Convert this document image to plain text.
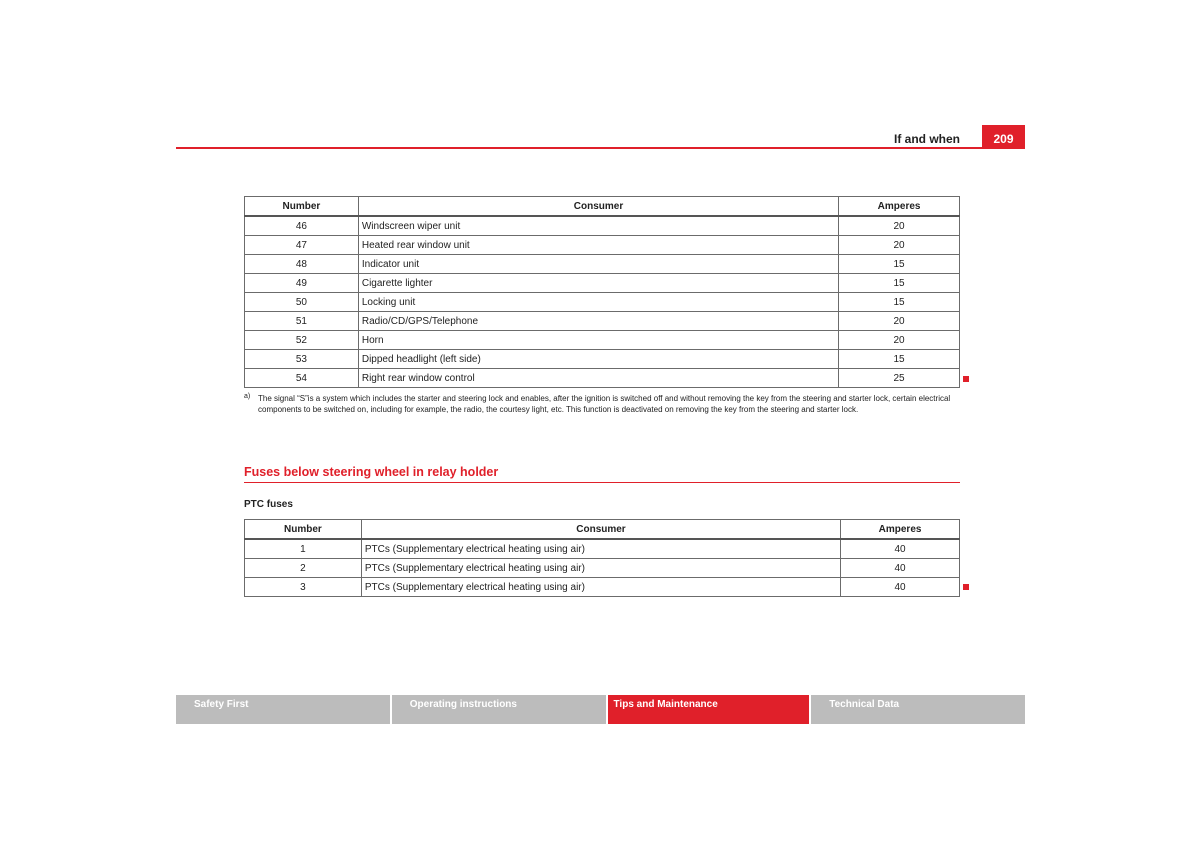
If and when	209
Number	Consumer	Amperes
46	Windscreen wiper unit	20
47	Heated rear window unit	20
48	Indicator unit	15
49	Cigarette lighter	15
50	Locking unit	15
51	Radio/CD/GPS/Telephone	20
52	Horn	20
53	Dipped headlight (left side)	15
54	Right rear window control	25
a) The signal “S”is a system which includes the starter and steering lock and enables, after the ignition is switched off and without removing the key from the steering and starter lock, certain electrical components to be switched on, including for example, the radio, the courtesy light, etc. This function is deactivated on removing the key from the steering and starter lock.
Fuses below steering wheel in relay holder
PTC fuses
Number	Consumer	Amperes
1	PTCs (Supplementary electrical heating using air)	40
2	PTCs (Supplementary electrical heating using air)	40
3	PTCs (Supplementary electrical heating using air)	40
Safety First	Operating instructions	Tips and Maintenance	Technical Data
